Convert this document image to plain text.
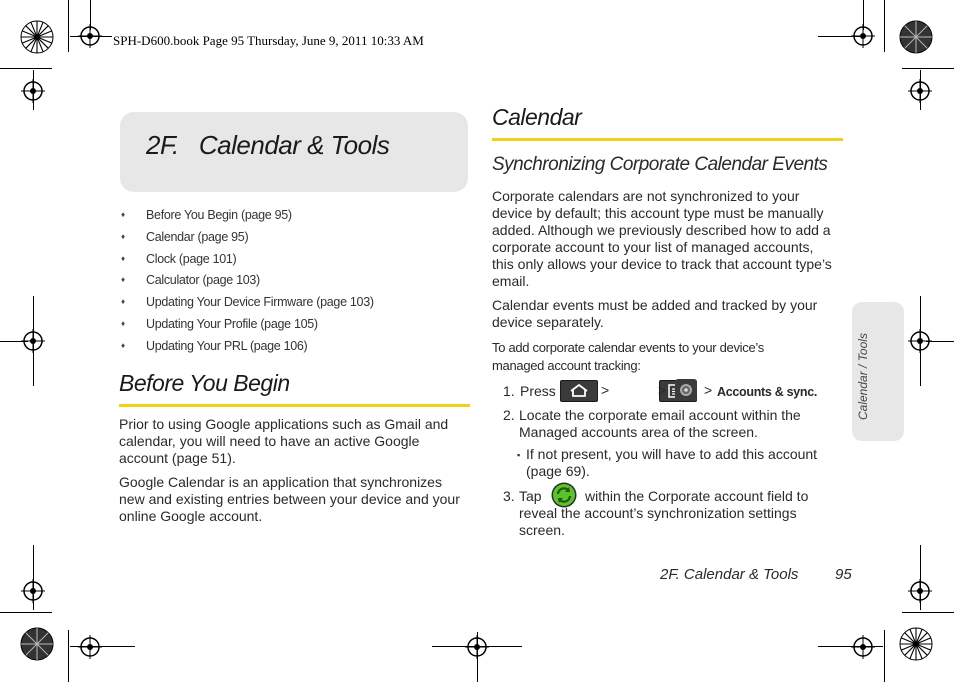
SPH-D600.book Page 95 Thursday, June 9, 2011 10:33 AM
2F.   Calendar & Tools
♦ Before You Begin (page 95)
♦ Calendar (page 95)
♦ Clock (page 101)
♦ Calculator (page 103)
♦ Updating Your Device Firmware (page 103)
♦ Updating Your Profile (page 105)
♦ Updating Your PRL (page 106)
Before You Begin
Prior to using Google applications such as Gmail and
calendar, you will need to have an active Google
account (page 51).
Google Calendar is an application that synchronizes
new and existing entries between your device and your
online Google account.
Calendar
Synchronizing Corporate Calendar Events
Corporate calendars are not synchronized to your
device by default; this account type must be manually
added. Although we previously described how to add a
corporate account to your list of managed accounts,
this only allows your device to track that account type’s
email.
Calendar events must be added and tracked by your
device separately.
To add corporate calendar events to your device’s
managed account tracking:
1. Press
	>	>	> Accounts & sync.
2. Locate the corporate email account within the
Managed accounts area of the screen.
▪ If not present, you will have to add this account
(page 69).
3. Tap	within the Corporate account field to
reveal the account’s synchronization settings
screen.
Calendar / Tools
2F. Calendar & Tools 95
